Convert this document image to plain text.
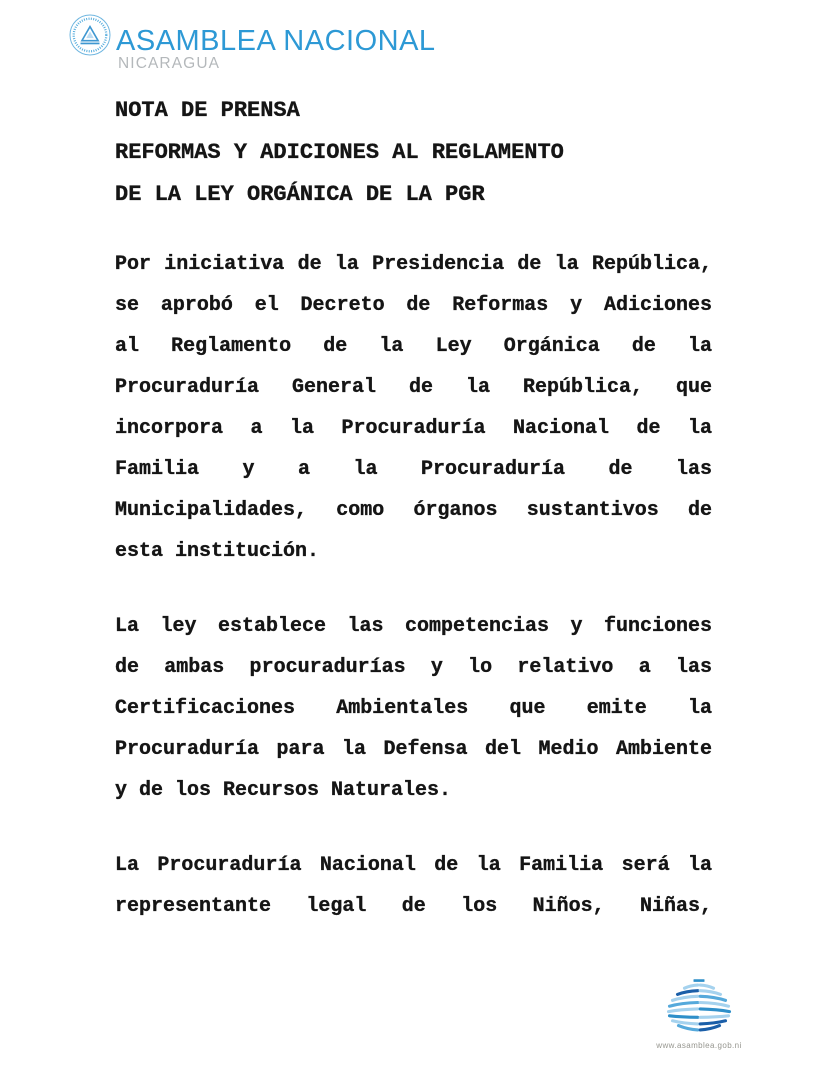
ASAMBLEA NACIONAL
NICARAGUA
NOTA DE PRENSA
REFORMAS Y ADICIONES AL REGLAMENTO
DE LA LEY ORGÁNICA DE LA PGR
Por iniciativa de la Presidencia de la República,
se aprobó el Decreto de Reformas y Adiciones
al Reglamento de la Ley Orgánica de la
Procuraduría General de la República, que
incorpora a la Procuraduría Nacional de la
Familia y a la Procuraduría de las
Municipalidades, como órganos sustantivos de
esta institución.
La ley establece las competencias y funciones
de ambas procuradurías y lo relativo a las
Certificaciones Ambientales que emite la
Procuraduría para la Defensa del Medio Ambiente
y de los Recursos Naturales.
La Procuraduría Nacional de la Familia será la
representante legal de los Niños, Niñas,
www.asamblea.gob.ni
